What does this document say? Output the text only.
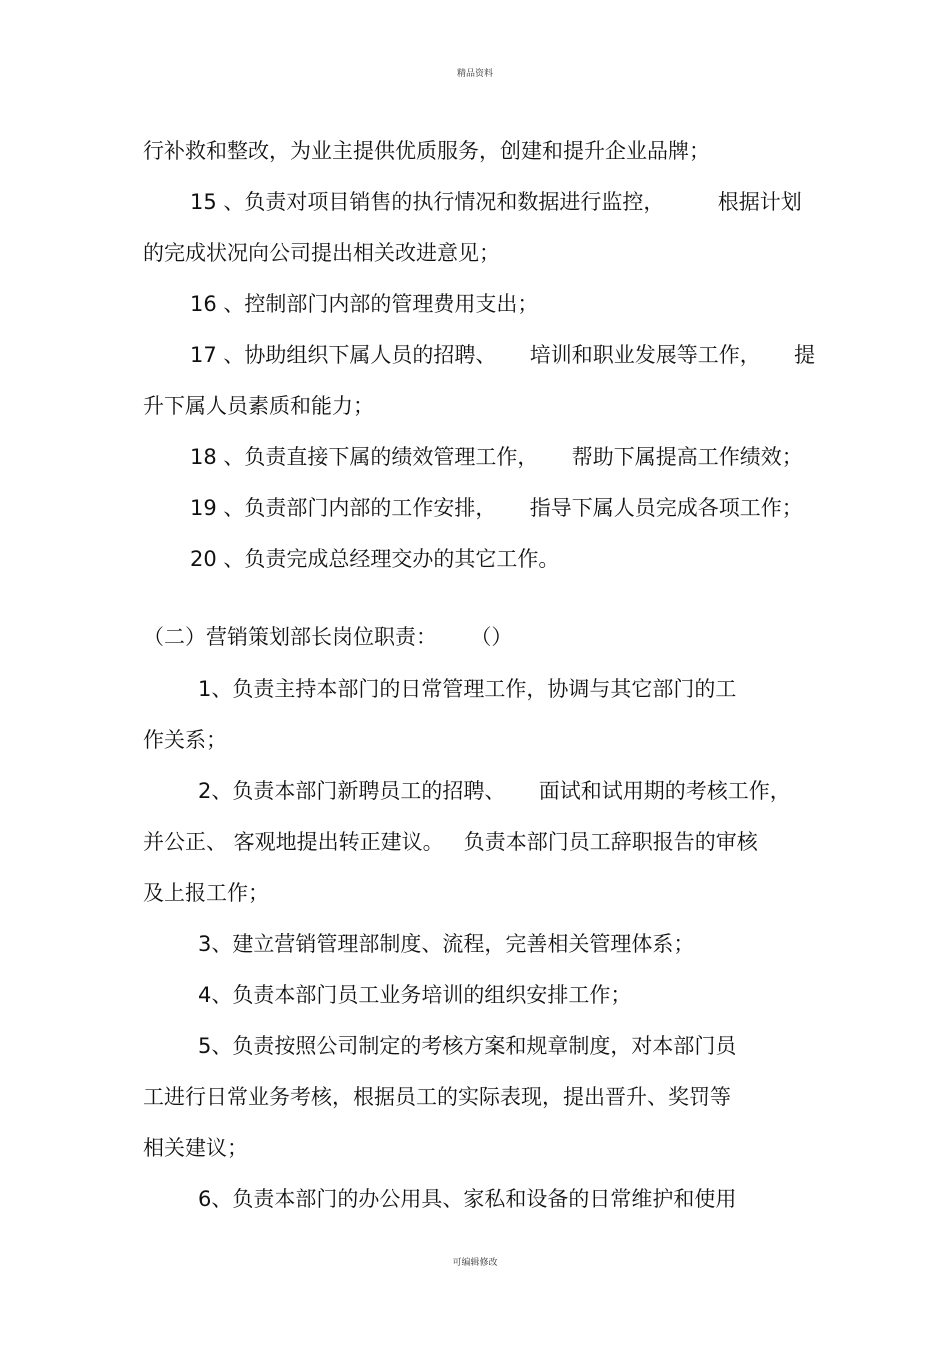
精品资料
行补救和整改，为业主提供优质服务，创建和提升企业品牌；
15 、负责对项目销售的执行情况和数据进行监控，        根据计划
的完成状况向公司提出相关改进意见；
16 、控制部门内部的管理费用支出；
17 、协助组织下属人员的招聘、     培训和职业发展等工作，     提
升下属人员素质和能力；
18 、负责直接下属的绩效管理工作，     帮助下属提高工作绩效；
19 、负责部门内部的工作安排，     指导下属人员完成各项工作；
20 、负责完成总经理交办的其它工作。
（二）营销策划部长岗位职责：     （）
1、负责主持本部门的日常管理工作，协调与其它部门的工
作关系；
2、负责本部门新聘员工的招聘、     面试和试用期的考核工作，
并公正、 客观地提出转正建议。   负责本部门员工辞职报告的审核
及上报工作；
3、建立营销管理部制度、流程，完善相关管理体系；
4、负责本部门员工业务培训的组织安排工作；
5、负责按照公司制定的考核方案和规章制度，对本部门员
工进行日常业务考核，根据员工的实际表现，提出晋升、奖罚等
相关建议；
6、负责本部门的办公用具、家私和设备的日常维护和使用
可编辑修改
